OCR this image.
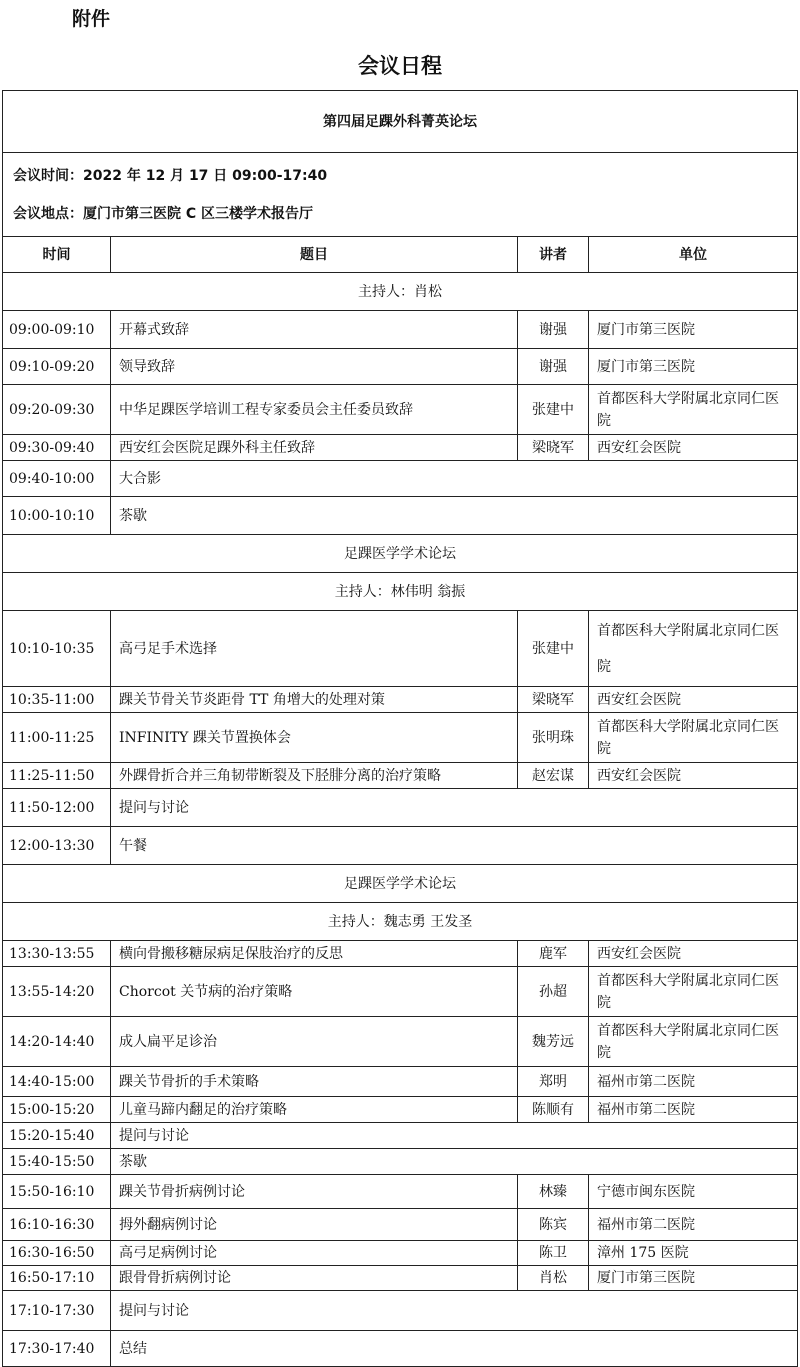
附件
会议日程
第四届足踝外科菁英论坛			

会议时间：2022 年 12 月 17 日 09:00-17:40
会议地点：厦门市第三医院 C 区三楼学术报告厅			

时间	题目	讲者	单位
主持人：肖松			
09:00-09:10	开幕式致辞	谢强	厦门市第三医院
09:10-09:20	领导致辞	谢强	厦门市第三医院
09:20-09:30	中华足踝医学培训工程专家委员会主任委员致辞	张建中	首都医科大学附属北京同仁医院
09:30-09:40	西安红会医院足踝外科主任致辞	梁晓军	西安红会医院
09:40-10:00	大合影		
10:00-10:10	茶歇		
足踝医学学术论坛			
主持人：林伟明 翁振			
10:10-10:35	高弓足手术选择	张建中	首都医科大学附属北京同仁医院
10:35-11:00	踝关节骨关节炎距骨 TT 角增大的处理对策	梁晓军	西安红会医院
11:00-11:25	INFINITY 踝关节置换体会	张明珠	首都医科大学附属北京同仁医院
11:25-11:50	外踝骨折合并三角韧带断裂及下胫腓分离的治疗策略	赵宏谋	西安红会医院
11:50-12:00	提问与讨论		
12:00-13:30	午餐		
足踝医学学术论坛			
主持人：魏志勇 王发圣			
13:30-13:55	横向骨搬移糖尿病足保肢治疗的反思	鹿军	西安红会医院
13:55-14:20	Chorcot 关节病的治疗策略	孙超	首都医科大学附属北京同仁医院
14:20-14:40	成人扁平足诊治	魏芳远	首都医科大学附属北京同仁医院
14:40-15:00	踝关节骨折的手术策略	郑明	福州市第二医院
15:00-15:20	儿童马蹄内翻足的治疗策略	陈顺有	福州市第二医院
15:20-15:40	提问与讨论		
15:40-15:50	茶歇		
15:50-16:10	踝关节骨折病例讨论	林臻	宁德市闽东医院
16:10-16:30	拇外翻病例讨论	陈宾	福州市第二医院
16:30-16:50	高弓足病例讨论	陈卫	漳州 175 医院
16:50-17:10	跟骨骨折病例讨论	肖松	厦门市第三医院
17:10-17:30	提问与讨论		
17:30-17:40	总结		
